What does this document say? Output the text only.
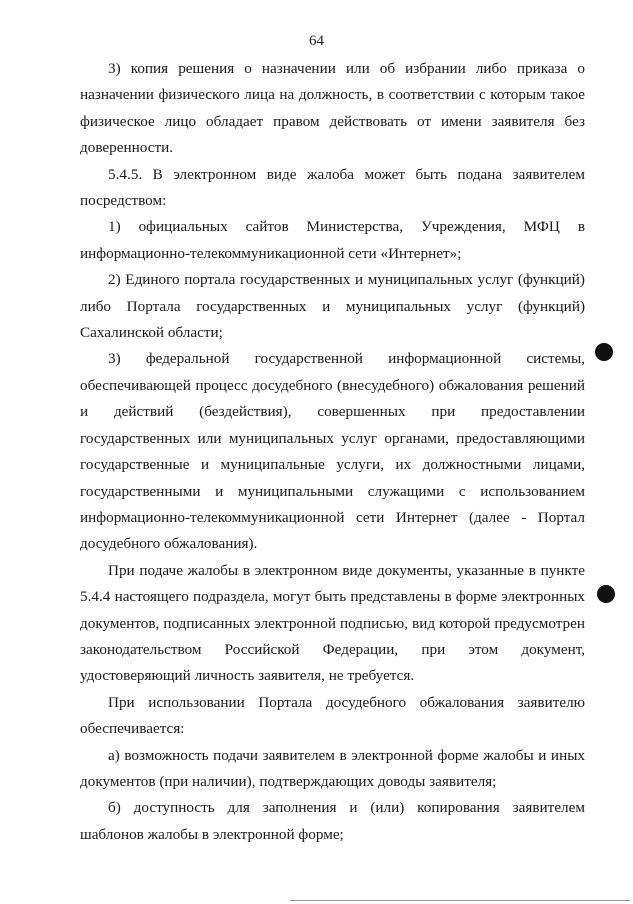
64

3) копия решения о назначении или об избрании либо приказа о назначении физического лица на должность, в соответствии с которым такое физическое лицо обладает правом действовать от имени заявителя без доверенности.

5.4.5. В электронном виде жалоба может быть подана заявителем посредством:

1) официальных сайтов Министерства, Учреждения, МФЦ в информационно-телекоммуникационной сети «Интернет»;

2) Единого портала государственных и муниципальных услуг (функций) либо Портала государственных и муниципальных услуг (функций) Сахалинской области;

3) федеральной государственной информационной системы, обеспечивающей процесс досудебного (внесудебного) обжалования решений и действий (бездействия), совершенных при предоставлении государственных или муниципальных услуг органами, предоставляющими государственные и муниципальные услуги, их должностными лицами, государственными и муниципальными служащими с использованием информационно-телекоммуникационной сети Интернет (далее - Портал досудебного обжалования).

При подаче жалобы в электронном виде документы, указанные в пункте 5.4.4 настоящего подраздела, могут быть представлены в форме электронных документов, подписанных электронной подписью, вид которой предусмотрен законодательством Российской Федерации, при этом документ, удостоверяющий личность заявителя, не требуется.

При использовании Портала досудебного обжалования заявителю обеспечивается:

а) возможность подачи заявителем в электронной форме жалобы и иных документов (при наличии), подтверждающих доводы заявителя;

б) доступность для заполнения и (или) копирования заявителем шаблонов жалобы в электронной форме;
